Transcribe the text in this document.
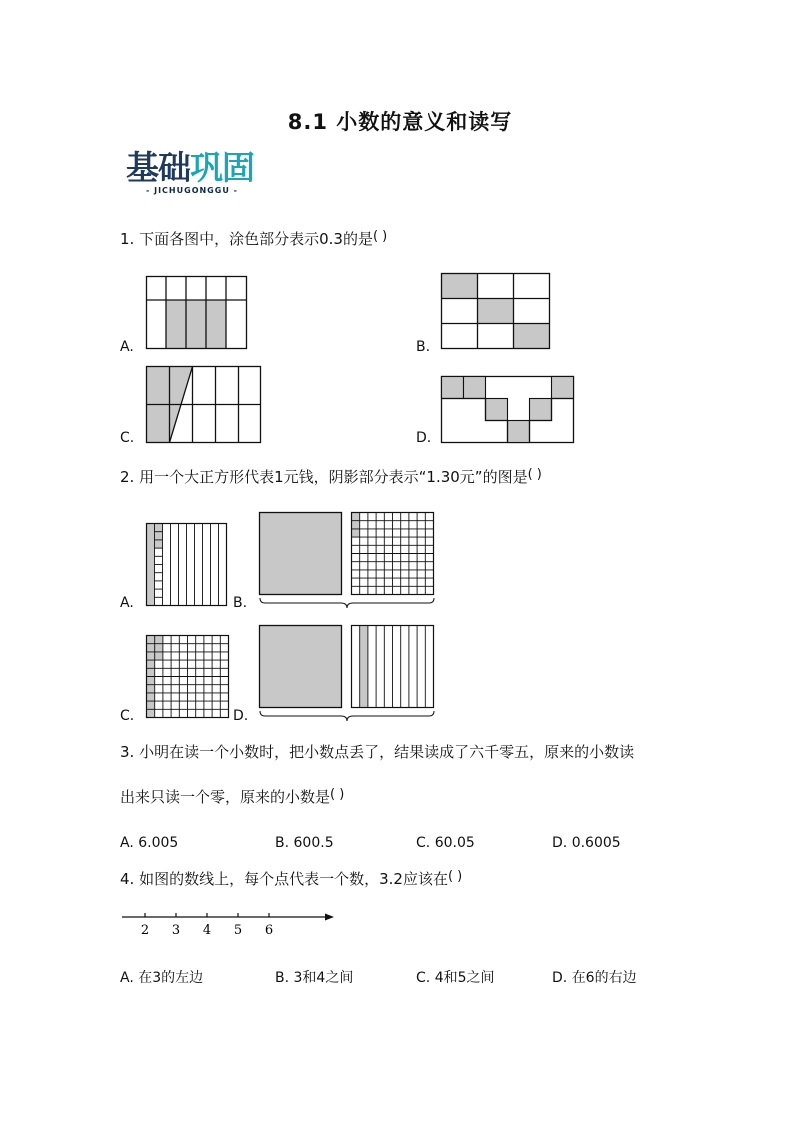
8.1 小数的意义和读写
基础巩固
- JICHUGONGGU -
1. 下面各图中，涂色部分表示0.3的是( )
A.	B.
C.	D.
2. 用一个大正方形代表1元钱，阴影部分表示“1.30元”的图是( )
A.	B.
C.	D.
3. 小明在读一个小数时，把小数点丢了，结果读成了六千零五，原来的小数读
出来只读一个零，原来的小数是( )
A. 6.005	B. 600.5	C. 60.05	D. 0.6005
4. 如图的数线上，每个点代表一个数，3.2应该在( )
2 3 4 5 6
A. 在3的左边	B. 3和4之间	C. 4和5之间	D. 在6的右边
